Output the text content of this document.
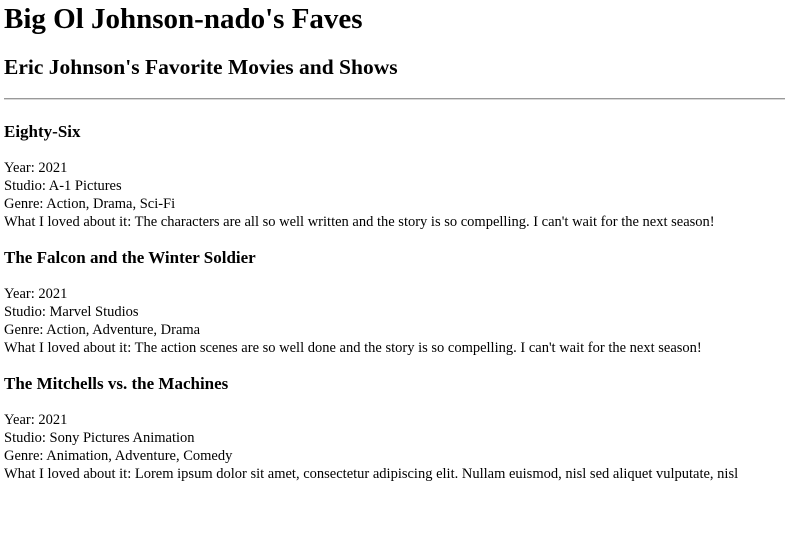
Big Ol Johnson-nado's Faves
Eric Johnson's Favorite Movies and Shows
Eighty-Six

Year: 2021

Studio: A-1 Pictures

Genre: Action, Drama, Sci-Fi

What I loved about it: The characters are all so well written and the story is so compelling. I can't wait for the next season!

The Falcon and the Winter Soldier

Year: 2021

Studio: Marvel Studios

Genre: Action, Adventure, Drama

What I loved about it: The action scenes are so well done and the story is so compelling. I can't wait for the next season!

The Mitchells vs. the Machines

Year: 2021

Studio: Sony Pictures Animation

Genre: Animation, Adventure, Comedy

What I loved about it: Lorem ipsum dolor sit amet, consectetur adipiscing elit. Nullam euismod, nisl sed aliquet vulputate, nisl
